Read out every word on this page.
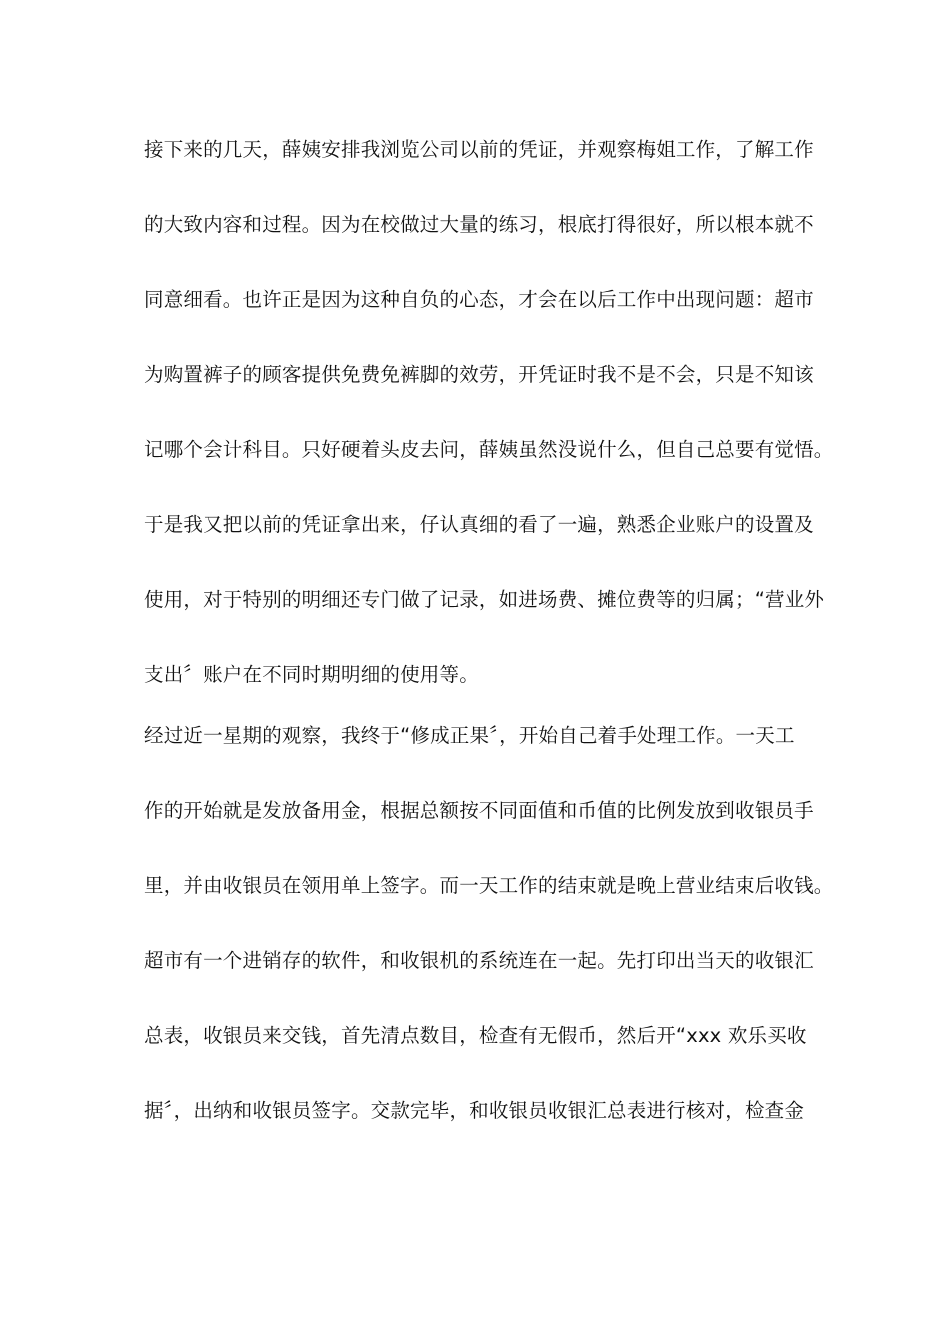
接下来的几天，薛姨安排我浏览公司以前的凭证，并观察梅姐工作，了解工作
的大致内容和过程。因为在校做过大量的练习，根底打得很好，所以根本就不
同意细看。也许正是因为这种自负的心态，才会在以后工作中出现问题：超市
为购置裤子的顾客提供免费免裤脚的效劳，开凭证时我不是不会，只是不知该
记哪个会计科目。只好硬着头皮去问，薛姨虽然没说什么，但自己总要有觉悟。
于是我又把以前的凭证拿出来，仔认真细的看了一遍，熟悉企业账户的设置及
使用，对于特别的明细还专门做了记录，如进场费、摊位费等的归属；“营业外
支出〞账户在不同时期明细的使用等。
经过近一星期的观察，我终于“修成正果〞，开始自己着手处理工作。一天工
作的开始就是发放备用金，根据总额按不同面值和币值的比例发放到收银员手
里，并由收银员在领用单上签字。而一天工作的结束就是晚上营业结束后收钱。
超市有一个进销存的软件，和收银机的系统连在一起。先打印出当天的收银汇
总表，收银员来交钱，首先清点数目，检查有无假币，然后开“xxx 欢乐买收
据〞，出纳和收银员签字。交款完毕，和收银员收银汇总表进行核对，检查金
